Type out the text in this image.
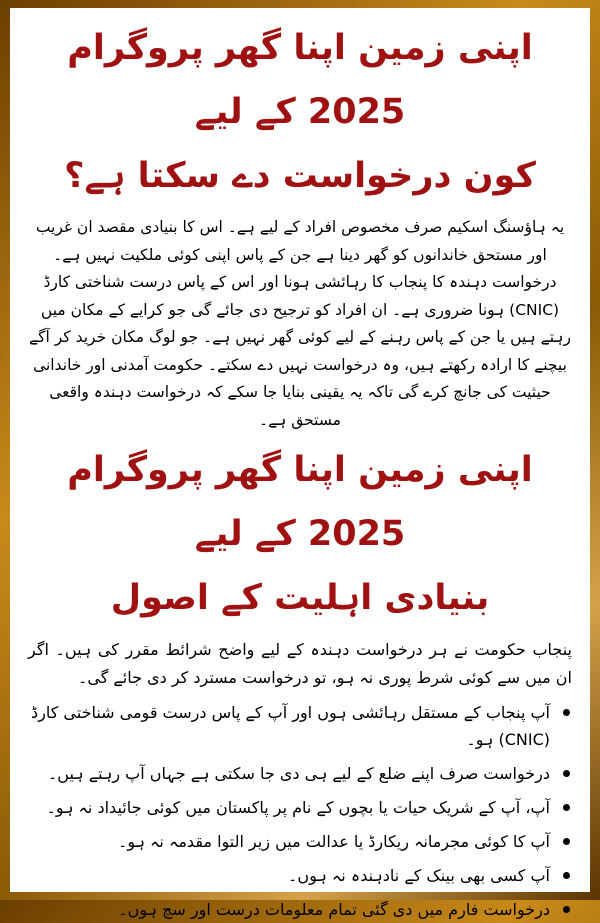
اپنی زمین اپنا گھر پروگرام 2025 کے لیے
کون درخواست دے سکتا ہے؟

یہ ہاؤسنگ اسکیم صرف مخصوص افراد کے لیے ہے۔ اس کا بنیادی مقصد ان غریب اور مستحق خاندانوں کو گھر دینا ہے جن کے پاس اپنی کوئی ملکیت نہیں ہے۔ درخواست دہندہ کا پنجاب کا رہائشی ہونا اور اس کے پاس درست شناختی کارڈ (CNIC) ہونا ضروری ہے۔ ان افراد کو ترجیح دی جائے گی جو کرایے کے مکان میں رہتے ہیں یا جن کے پاس رہنے کے لیے کوئی گھر نہیں ہے۔ جو لوگ مکان خرید کر آگے بیچنے کا ارادہ رکھتے ہیں، وہ درخواست نہیں دے سکتے۔ حکومت آمدنی اور خاندانی حیثیت کی جانچ کرے گی تاکہ یہ یقینی بنایا جا سکے کہ درخواست دہندہ واقعی مستحق ہے۔

اپنی زمین اپنا گھر پروگرام 2025 کے لیے
بنیادی اہلیت کے اصول

پنجاب حکومت نے ہر درخواست دہندہ کے لیے واضح شرائط مقرر کی ہیں۔ اگر ان میں سے کوئی شرط پوری نہ ہو، تو درخواست مسترد کر دی جائے گی۔

آپ پنجاب کے مستقل رہائشی ہوں اور آپ کے پاس درست قومی شناختی کارڈ (CNIC) ہو۔
درخواست صرف اپنے ضلع کے لیے ہی دی جا سکتی ہے جہاں آپ رہتے ہیں۔
آپ، آپ کے شریک حیات یا بچوں کے نام پر پاکستان میں کوئی جائیداد نہ ہو۔
آپ کا کوئی مجرمانہ ریکارڈ یا عدالت میں زیر التوا مقدمہ نہ ہو۔
آپ کسی بھی بینک کے نادہندہ نہ ہوں۔
درخواست فارم میں دی گئی تمام معلومات درست اور سچ ہوں۔
